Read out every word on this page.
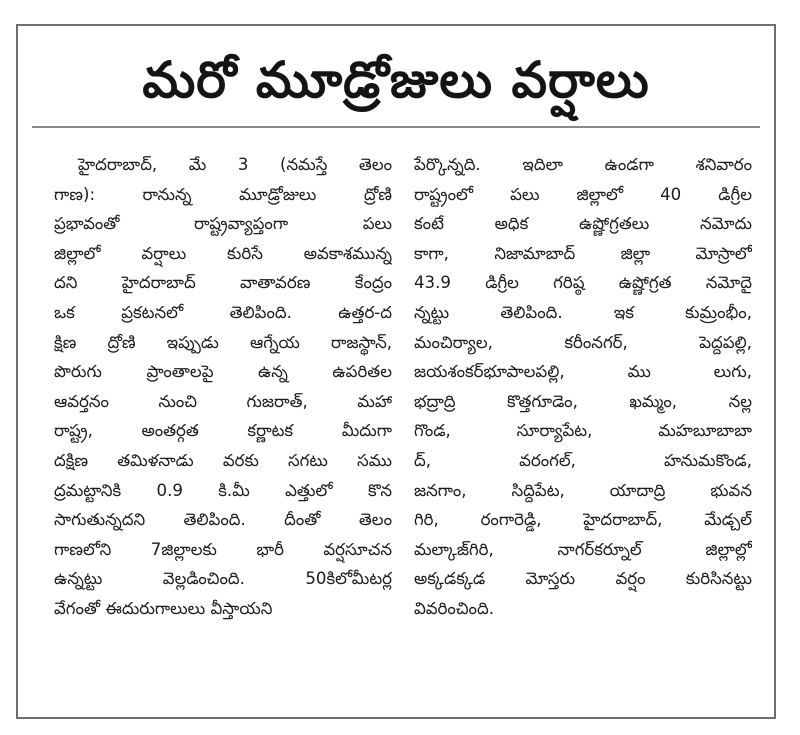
మరో మూడ్రోజులు వర్షాలు
హైదరాబాద్, మే 3 (నమస్తే తెలం
గాణ): రానున్న మూడ్రోజులు ద్రోణి
ప్రభావంతో రాష్ట్రవ్యాప్తంగా పలు
జిల్లాలో వర్షాలు కురిసే అవకాశమున్న
దని హైదరాబాద్ వాతావరణ కేంద్రం
ఒక ప్రకటనలో తెలిపింది. ఉత్తర-ద
క్షిణ ద్రోణి ఇప్పుడు ఆగ్నేయ రాజస్థాన్,
పొరుగు ప్రాంతాలపై ఉన్న ఉపరితల
ఆవర్తనం నుంచి గుజరాత్, మహా
రాష్ట్ర, అంతర్గత కర్ణాటక మీదుగా
దక్షిణ తమిళనాడు వరకు సగటు సము
ద్రమట్టానికి 0.9 కి.మీ ఎత్తులో కొన
సాగుతున్నదని తెలిపింది. దీంతో తెలం
గాణలోని 7జిల్లాలకు భారీ వర్షసూచన
ఉన్నట్టు వెల్లడించింది. 50కిలోమీటర్ల
వేగంతో ఈదురుగాలులు వీస్తాయని
పేర్కొన్నది. ఇదిలా ఉండగా శనివారం
రాష్ట్రంలో పలు జిల్లాలో 40 డిగ్రీల
కంటే అధిక ఉష్ణోగ్రతలు నమోదు
కాగా, నిజామాబాద్ జిల్లా మోస్రాలో
43.9 డిగ్రీల గరిష్ఠ ఉష్ణోగ్రత నమోదై
న్నట్టు తెలిపింది. ఇక కుమ్రంభీం,
మంచిర్యాల, కరీంనగర్, పెద్దపల్లి,
జయశంకర్‌భూపాలపల్లి, ము లుగు,
భద్రాద్రి కొత్తగూడెం, ఖమ్మం, నల్ల
గొండ, సూర్యాపేట, మహబూబాబా
ద్, వరంగల్, హనుమకొండ,
జనగాం, సిద్దిపేట, యాదాద్రి భువన
గిరి, రంగారెడ్డి, హైదరాబాద్, మేడ్చల్
మల్కాజ్‌గిరి, నాగర్‌కర్నూల్ జిల్లాల్లో
అక్కడక్కడ మోస్తరు వర్షం కురిసినట్టు
వివరించింది.
